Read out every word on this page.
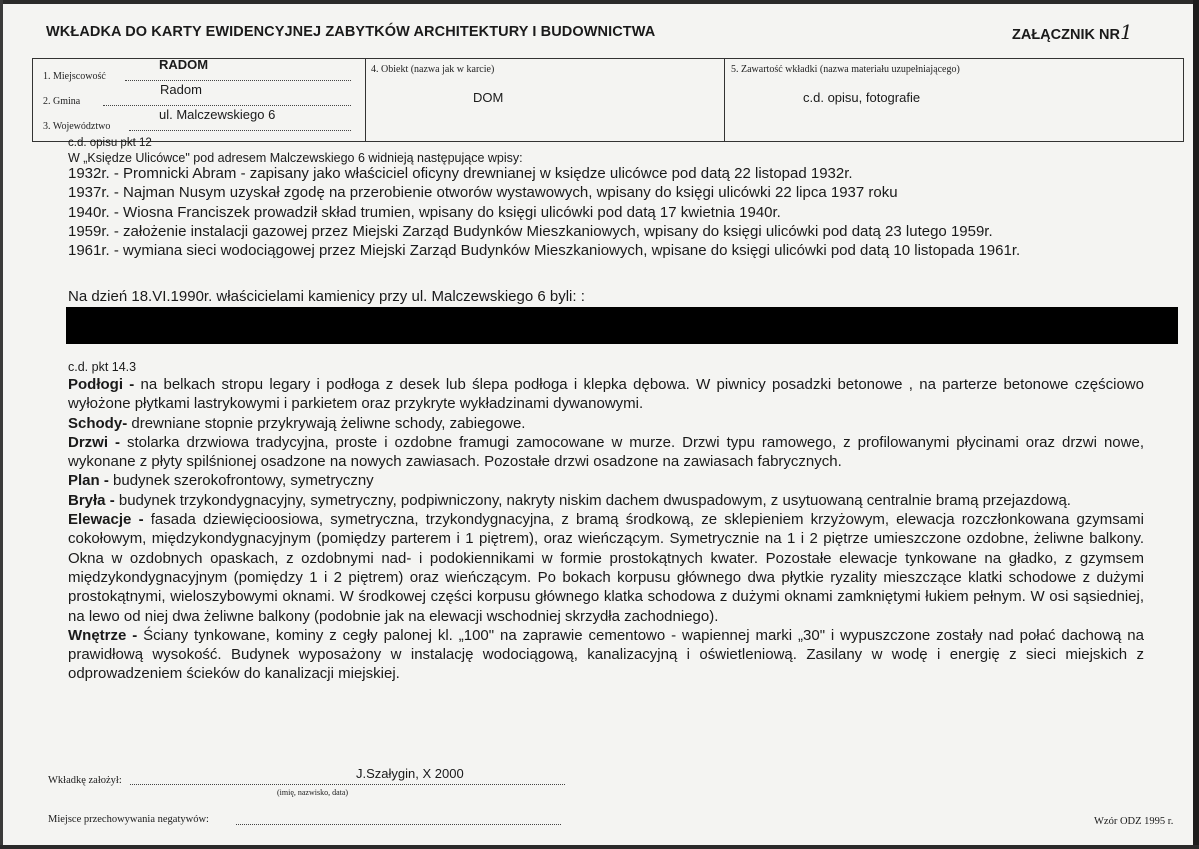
WKŁADKA DO KARTY EWIDENCYJNEJ ZABYTKÓW ARCHITEKTURY I BUDOWNICTWA	ZAŁĄCZNIK NR1
1. Miejscowość
RADOM
2. Gmina
Radom
3. Województwo
ul. Malczewskiego 6
4. Obiekt (nazwa jak w karcie)
DOM
5. Zawartość wkładki (nazwa materiału uzupełniającego)
c.d. opisu, fotografie
c.d. opisu pkt 12
W „Księdze Ulicówce" pod adresem Malczewskiego 6 widnieją następujące wpisy:

1932r. - Promnicki Abram - zapisany jako właściciel oficyny drewnianej w księdze ulicówce pod datą 22 listopad 1932r.

1937r. - Najman Nusym uzyskał zgodę na przerobienie otworów wystawowych, wpisany do księgi ulicówki 22 lipca 1937 roku

1940r. - Wiosna Franciszek prowadził skład trumien, wpisany do księgi ulicówki pod datą 17 kwietnia 1940r.

1959r. - założenie instalacji gazowej przez Miejski Zarząd Budynków Mieszkaniowych, wpisany do księgi ulicówki pod datą 23 lutego 1959r.

1961r. - wymiana sieci wodociągowej przez Miejski Zarząd Budynków Mieszkaniowych, wpisane do księgi ulicówki pod datą 10 listopada 1961r.

Na dzień 18.VI.1990r. właścicielami kamienicy przy ul. Malczewskiego 6 byli: :
c.d. pkt 14.3

Podłogi - na belkach stropu legary i podłoga z desek lub ślepa podłoga i klepka dębowa. W piwnicy posadzki betonowe , na parterze betonowe częściowo wyłożone płytkami lastrykowymi i parkietem oraz przykryte wykładzinami dywanowymi.

Schody- drewniane stopnie przykrywają żeliwne schody, zabiegowe.

Drzwi - stolarka drzwiowa tradycyjna, proste i ozdobne framugi zamocowane w murze. Drzwi typu ramowego, z profilowanymi płycinami oraz drzwi nowe, wykonane z płyty spilśnionej osadzone na nowych zawiasach. Pozostałe drzwi osadzone na zawiasach fabrycznych.

Plan - budynek szerokofrontowy, symetryczny

Bryła - budynek trzykondygnacyjny, symetryczny, podpiwniczony, nakryty niskim dachem dwuspadowym, z usytuowaną centralnie bramą przejazdową.

Elewacje - fasada dziewięcioosiowa, symetryczna, trzykondygnacyjna, z bramą środkową, ze sklepieniem krzyżowym, elewacja rozczłonkowana gzymsami cokołowym, międzykondygnacyjnym (pomiędzy parterem i 1 piętrem), oraz wieńczącym. Symetrycznie na 1 i 2 piętrze umieszczone ozdobne, żeliwne balkony. Okna w ozdobnych opaskach, z ozdobnymi nad- i podokiennikami w formie prostokątnych kwater. Pozostałe elewacje tynkowane na gładko, z gzymsem międzykondygnacyjnym (pomiędzy 1 i 2 piętrem) oraz wieńczącym. Po bokach korpusu głównego dwa płytkie ryzality mieszczące klatki schodowe z dużymi prostokątnymi, wieloszybowymi oknami. W środkowej części korpusu głównego klatka schodowa z dużymi oknami zamkniętymi łukiem pełnym. W osi sąsiedniej, na lewo od niej dwa żeliwne balkony (podobnie jak na elewacji wschodniej skrzydła zachodniego).

Wnętrze - Ściany tynkowane, kominy z cegły palonej kl. „100" na zaprawie cementowo - wapiennej marki „30" i wypuszczone zostały nad połać dachową na prawidłową wysokość. Budynek wyposażony w instalację wodociągową, kanalizacyjną i oświetleniową. Zasilany w wodę i energię z sieci miejskich z odprowadzeniem ścieków do kanalizacji miejskiej.

Wkładkę założył:	J.Szałygin, X 2000
(imię, nazwisko, data)
Miejsce przechowywania negatywów:	Wzór ODZ 1995 r.
